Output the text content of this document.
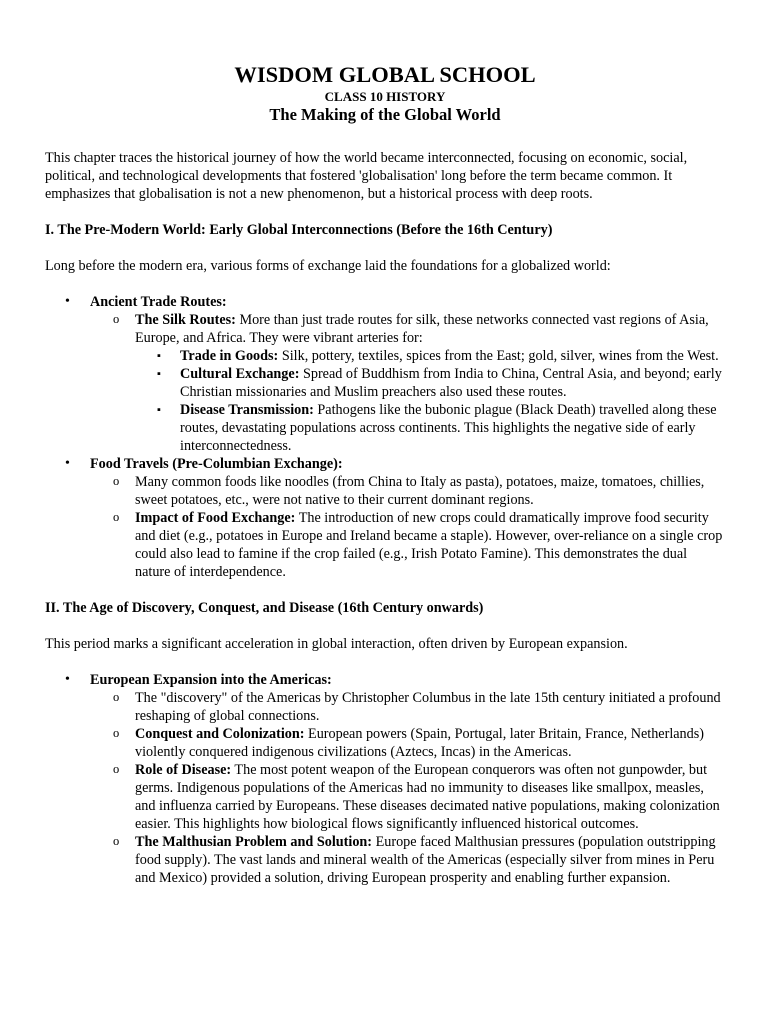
WISDOM GLOBAL SCHOOL
CLASS 10 HISTORY
The Making of the Global World

This chapter traces the historical journey of how the world became interconnected, focusing on economic, social, political, and technological developments that fostered 'globalisation' long before the term became common. It emphasizes that globalisation is not a new phenomenon, but a historical process with deep roots.

I. The Pre-Modern World: Early Global Interconnections (Before the 16th Century)

Long before the modern era, various forms of exchange laid the foundations for a globalized world:

• Ancient Trade Routes:
o The Silk Routes: More than just trade routes for silk, these networks connected vast regions of Asia, Europe, and Africa. They were vibrant arteries for:
▪ Trade in Goods: Silk, pottery, textiles, spices from the East; gold, silver, wines from the West.
▪ Cultural Exchange: Spread of Buddhism from India to China, Central Asia, and beyond; early Christian missionaries and Muslim preachers also used these routes.
▪ Disease Transmission: Pathogens like the bubonic plague (Black Death) travelled along these routes, devastating populations across continents. This highlights the negative side of early interconnectedness.
• Food Travels (Pre-Columbian Exchange):
o Many common foods like noodles (from China to Italy as pasta), potatoes, maize, tomatoes, chillies, sweet potatoes, etc., were not native to their current dominant regions.
o Impact of Food Exchange: The introduction of new crops could dramatically improve food security and diet (e.g., potatoes in Europe and Ireland became a staple). However, over-reliance on a single crop could also lead to famine if the crop failed (e.g., Irish Potato Famine). This demonstrates the dual nature of interdependence.

II. The Age of Discovery, Conquest, and Disease (16th Century onwards)

This period marks a significant acceleration in global interaction, often driven by European expansion.

• European Expansion into the Americas:
o The "discovery" of the Americas by Christopher Columbus in the late 15th century initiated a profound reshaping of global connections.
o Conquest and Colonization: European powers (Spain, Portugal, later Britain, France, Netherlands) violently conquered indigenous civilizations (Aztecs, Incas) in the Americas.
o Role of Disease: The most potent weapon of the European conquerors was often not gunpowder, but germs. Indigenous populations of the Americas had no immunity to diseases like smallpox, measles, and influenza carried by Europeans. These diseases decimated native populations, making colonization easier. This highlights how biological flows significantly influenced historical outcomes.
o The Malthusian Problem and Solution: Europe faced Malthusian pressures (population outstripping food supply). The vast lands and mineral wealth of the Americas (especially silver from mines in Peru and Mexico) provided a solution, driving European prosperity and enabling further expansion.
